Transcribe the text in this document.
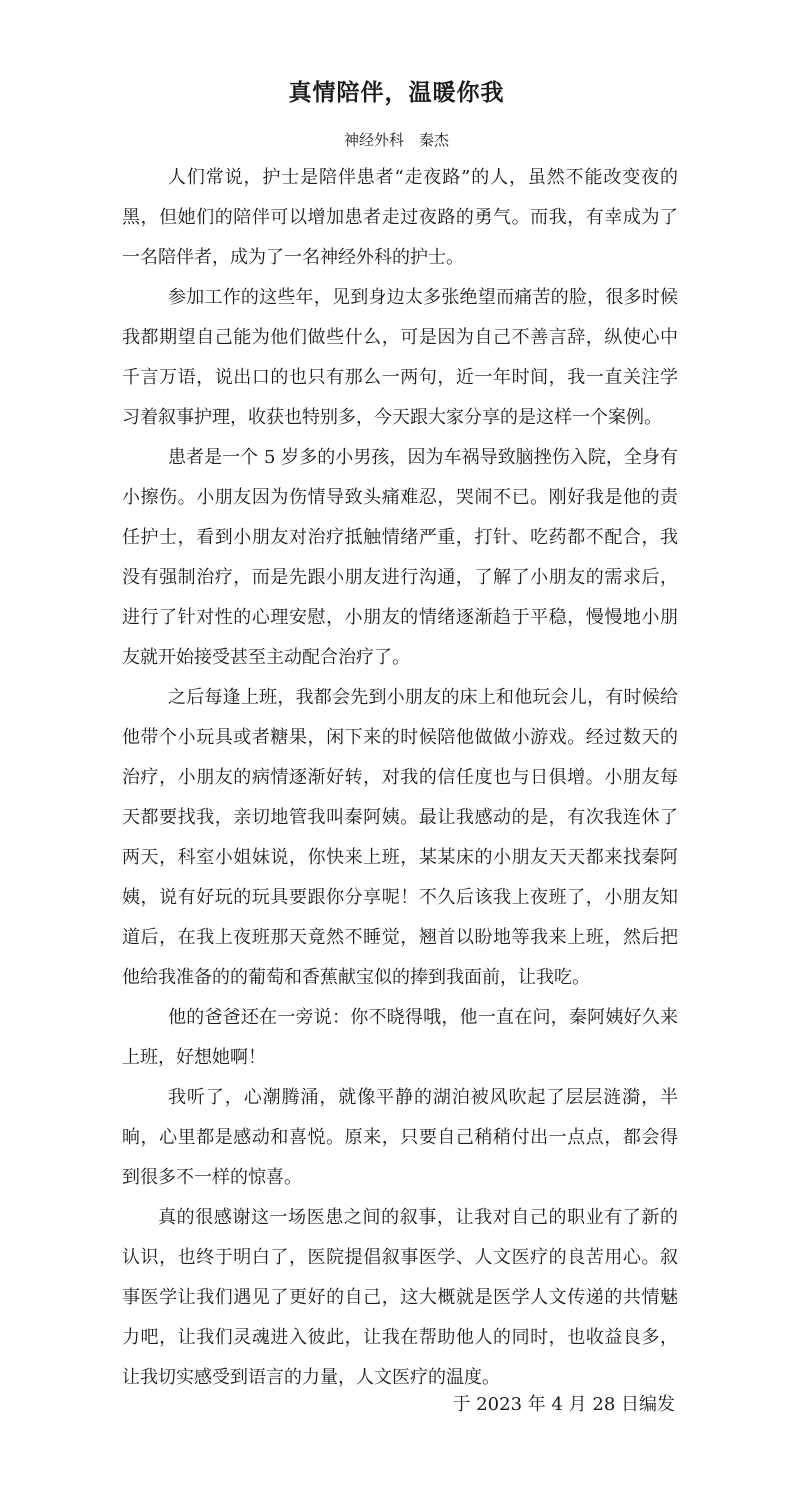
真情陪伴，温暖你我
神经外科 秦杰

人们常说，护士是陪伴患者“走夜路”的人，虽然不能改变夜的黑，但她们的陪伴可以增加患者走过夜路的勇气。而我，有幸成为了一名陪伴者，成为了一名神经外科的护士。

参加工作的这些年，见到身边太多张绝望而痛苦的脸，很多时候我都期望自己能为他们做些什么，可是因为自己不善言辞，纵使心中千言万语，说出口的也只有那么一两句，近一年时间，我一直关注学习着叙事护理，收获也特别多，今天跟大家分享的是这样一个案例。

患者是一个 5 岁多的小男孩，因为车祸导致脑挫伤入院，全身有小擦伤。小朋友因为伤情导致头痛难忍，哭闹不已。刚好我是他的责任护士，看到小朋友对治疗抵触情绪严重，打针、吃药都不配合，我没有强制治疗，而是先跟小朋友进行沟通，了解了小朋友的需求后，进行了针对性的心理安慰，小朋友的情绪逐渐趋于平稳，慢慢地小朋友就开始接受甚至主动配合治疗了。

之后每逢上班，我都会先到小朋友的床上和他玩会儿，有时候给他带个小玩具或者糖果，闲下来的时候陪他做做小游戏。经过数天的治疗，小朋友的病情逐渐好转，对我的信任度也与日俱增。小朋友每天都要找我，亲切地管我叫秦阿姨。最让我感动的是，有次我连休了两天，科室小姐妹说，你快来上班，某某床的小朋友天天都来找秦阿姨，说有好玩的玩具要跟你分享呢！不久后该我上夜班了，小朋友知道后，在我上夜班那天竟然不睡觉，翘首以盼地等我来上班，然后把他给我准备的的葡萄和香蕉献宝似的捧到我面前，让我吃。

他的爸爸还在一旁说：你不晓得哦，他一直在问，秦阿姨好久来上班，好想她啊！

我听了，心潮腾涌，就像平静的湖泊被风吹起了层层涟漪，半晌，心里都是感动和喜悦。原来，只要自己稍稍付出一点点，都会得到很多不一样的惊喜。

真的很感谢这一场医患之间的叙事，让我对自己的职业有了新的认识，也终于明白了，医院提倡叙事医学、人文医疗的良苦用心。叙事医学让我们遇见了更好的自己，这大概就是医学人文传递的共情魅力吧，让我们灵魂进入彼此，让我在帮助他人的同时，也收益良多，让我切实感受到语言的力量，人文医疗的温度。

于 2023 年 4 月 28 日编发
